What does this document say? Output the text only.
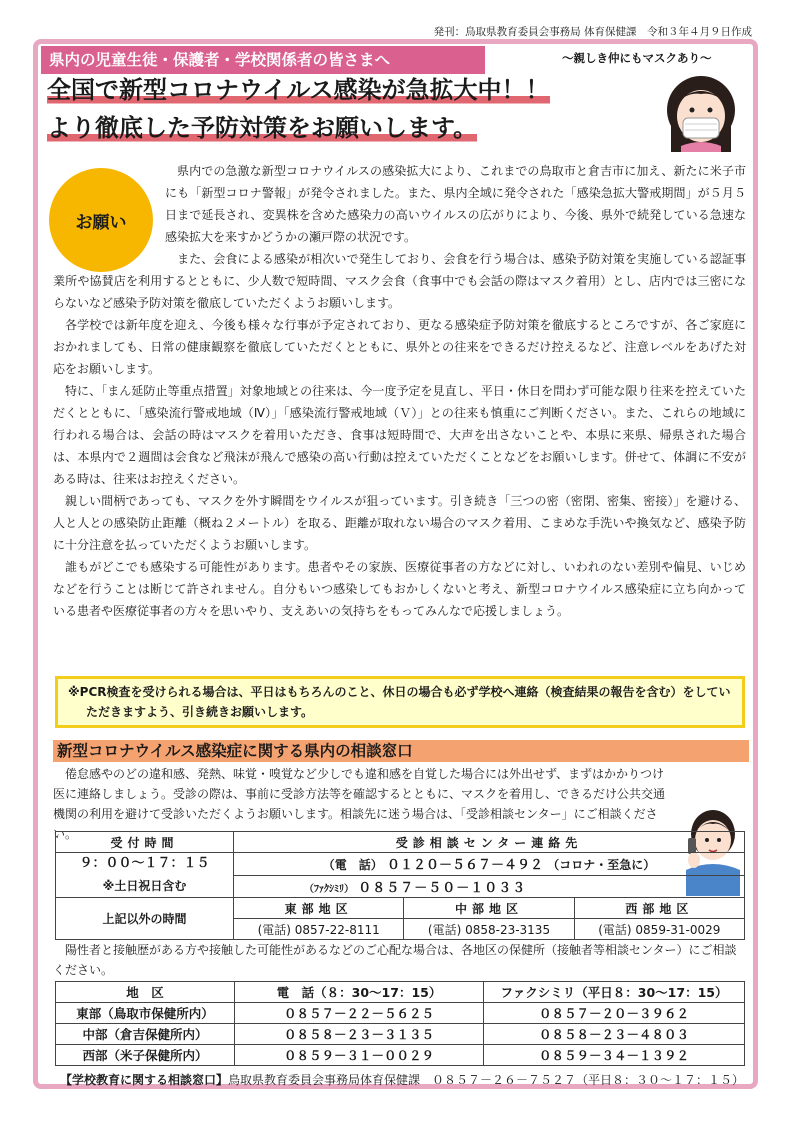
発刊：鳥取県教育委員会事務局 体育保健課　令和３年４月９日作成
県内の児童生徒・保護者・学校関係者の皆さまへ	～親しき仲にもマスクあり～
全国で新型コロナウイルス感染が急拡大中！！
より徹底した予防対策をお願いします。
お願い

県内での急激な新型コロナウイルスの感染拡大により、これまでの鳥取市と倉吉市に加え、新たに米子市にも「新型コロナ警報」が発令されました。また、県内全域に発令された「感染急拡大警戒期間」が５月５日まで延長され、変異株を含めた感染力の高いウイルスの広がりにより、今後、県外で続発している急速な感染拡大を来すかどうかの瀬戸際の状況です。

また、会食による感染が相次いで発生しており、会食を行う場合は、感染予防対策を実施している認証事業所や協賛店を利用するとともに、少人数で短時間、マスク会食（食事中でも会話の際はマスク着用）とし、店内では三密にならないなど感染予防対策を徹底していただくようお願いします。

各学校では新年度を迎え、今後も様々な行事が予定されており、更なる感染症予防対策を徹底するところですが、各ご家庭におかれましても、日常の健康観察を徹底していただくとともに、県外との往来をできるだけ控えるなど、注意レベルをあげた対応をお願いします。

特に、「まん延防止等重点措置」対象地域との往来は、今一度予定を見直し、平日・休日を問わず可能な限り往来を控えていただくとともに、「感染流行警戒地域（Ⅳ）」「感染流行警戒地域（Ｖ）」との往来も慎重にご判断ください。また、これらの地域に行われる場合は、会話の時はマスクを着用いただき、食事は短時間で、大声を出さないことや、本県に来県、帰県された場合は、本県内で２週間は会食など飛沫が飛んで感染の高い行動は控えていただくことなどをお願いします。併せて、体調に不安がある時は、往来はお控えください。

親しい間柄であっても、マスクを外す瞬間をウイルスが狙っています。引き続き「三つの密（密閉、密集、密接）」を避ける、人と人との感染防止距離（概ね２メートル）を取る、距離が取れない場合のマスク着用、こまめな手洗いや換気など、感染予防に十分注意を払っていただくようお願いします。

誰もがどこでも感染する可能性があります。患者やその家族、医療従事者の方などに対し、いわれのない差別や偏見、いじめなどを行うことは断じて許されません。自分もいつ感染してもおかしくないと考え、新型コロナウイルス感染症に立ち向かっている患者や医療従事者の方々を思いやり、支えあいの気持ちをもってみんなで応援しましょう。

※PCR検査を受けられる場合は、平日はもちろんのこと、休日の場合も必ず学校へ連絡（検査結果の報告を含む）をしていただきますよう、引き続きお願いします。
新型コロナウイルス感染症に関する県内の相談窓口

倦怠感やのどの違和感、発熱、味覚・嗅覚など少しでも違和感を自覚した場合には外出せず、まずはかかりつけ医に連絡しましょう。受診の際は、事前に受診方法等を確認するとともに、マスクを着用し、できるだけ公共交通機関の利用を避けて受診いただくようお願いします。相談先に迷う場合は、「受診相談センター」にご相談ください。

受付時間	受診相談センター連絡先		

９：００～１７：１５
※土日祝日含む	（電　話） ０１２０－５６７－４９２ （コロナ・至急に）		
	（ﾌｧｸｼﾐﾘ） ０８５７－５０－１０３３		
上記以外の時間	東部地区	中部地区	西部地区
	(電話) 0857-22-8111	(電話) 0858-23-3135	(電話) 0859-31-0029

陽性者と接触歴がある方や接触した可能性があるなどのご心配な場合は、各地区の保健所（接触者等相談センター）にご相談ください。

地　区	電　話（８：30～17：15）	ファクシミリ（平日８：30～17：15）
東部（鳥取市保健所内）	０８５７－２２－５６２５	０８５７－２０－３９６２
中部（倉吉保健所内）	０８５８－２３－３１３５	０８５８－２３－４８０３
西部（米子保健所内）	０８５９－３１－００２９	０８５９－３４－１３９２
【学校教育に関する相談窓口】鳥取県教育委員会事務局体育保健課　０８５７－２６－７５２７（平日８：３０～１７：１５）
